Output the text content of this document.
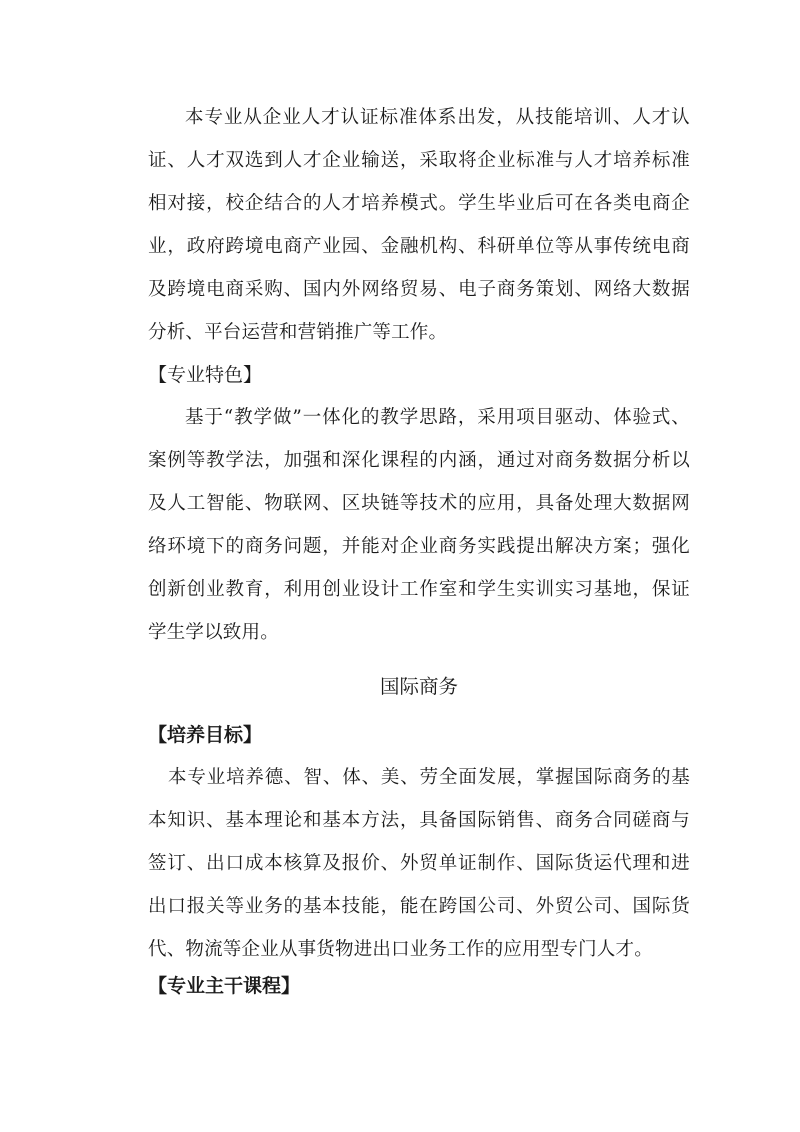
本专业从企业人才认证标准体系出发，从技能培训、人才认证、人才双选到人才企业输送，采取将企业标准与人才培养标准相对接，校企结合的人才培养模式。学生毕业后可在各类电商企业，政府跨境电商产业园、金融机构、科研单位等从事传统电商及跨境电商采购、国内外网络贸易、电子商务策划、网络大数据分析、平台运营和营销推广等工作。

【专业特色】

基于“教学做”一体化的教学思路，采用项目驱动、体验式、案例等教学法，加强和深化课程的内涵，通过对商务数据分析以及人工智能、物联网、区块链等技术的应用，具备处理大数据网络环境下的商务问题，并能对企业商务实践提出解决方案；强化创新创业教育，利用创业设计工作室和学生实训实习基地，保证学生学以致用。

国际商务

【培养目标】

本专业培养德、智、体、美、劳全面发展，掌握国际商务的基本知识、基本理论和基本方法，具备国际销售、商务合同磋商与签订、出口成本核算及报价、外贸单证制作、国际货运代理和进出口报关等业务的基本技能，能在跨国公司、外贸公司、国际货代、物流等企业从事货物进出口业务工作的应用型专门人才。

【专业主干课程】
